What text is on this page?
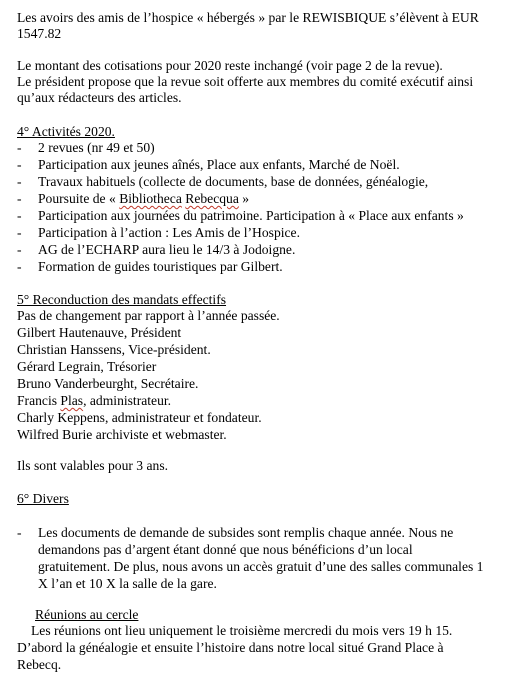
Les avoirs des amis de l’hospice « hébergés » par le REWISBIQUE s’élèvent à EUR
1547.82
Le montant des cotisations pour 2020 reste inchangé (voir page 2 de la revue).
Le président propose que la revue soit offerte aux membres du comité exécutif ainsi
qu’aux rédacteurs des articles.
4° Activités 2020.
- 2 revues (nr 49 et 50)
- Participation aux jeunes aînés, Place aux enfants, Marché de Noël.
- Travaux habituels (collecte de documents, base de données, généalogie,
- Poursuite de « Bibliotheca Rebecqua »
- Participation aux journées du patrimoine. Participation à « Place aux enfants »
- Participation à l’action : Les Amis de l’Hospice.
- AG de l’ECHARP aura lieu le 14/3 à Jodoigne.
- Formation de guides touristiques par Gilbert.
5° Reconduction des mandats effectifs
Pas de changement par rapport à l’année passée.
Gilbert Hautenauve, Président
Christian Hanssens, Vice-président.
Gérard Legrain, Trésorier
Bruno Vanderbeurght, Secrétaire.
Francis Plas, administrateur.
Charly Keppens, administrateur et fondateur.
Wilfred Burie archiviste et webmaster.
Ils sont valables pour 3 ans.
6° Divers
- Les documents de demande de subsides sont remplis chaque année. Nous ne
demandons pas d’argent étant donné que nous bénéficions d’un local
gratuitement. De plus, nous avons un accès gratuit d’une des salles communales 1
X l’an et 10 X la salle de la gare.
Réunions au cercle
Les réunions ont lieu uniquement le troisième mercredi du mois vers 19 h 15.
D’abord la généalogie et ensuite l’histoire dans notre local situé Grand Place à
Rebecq.
